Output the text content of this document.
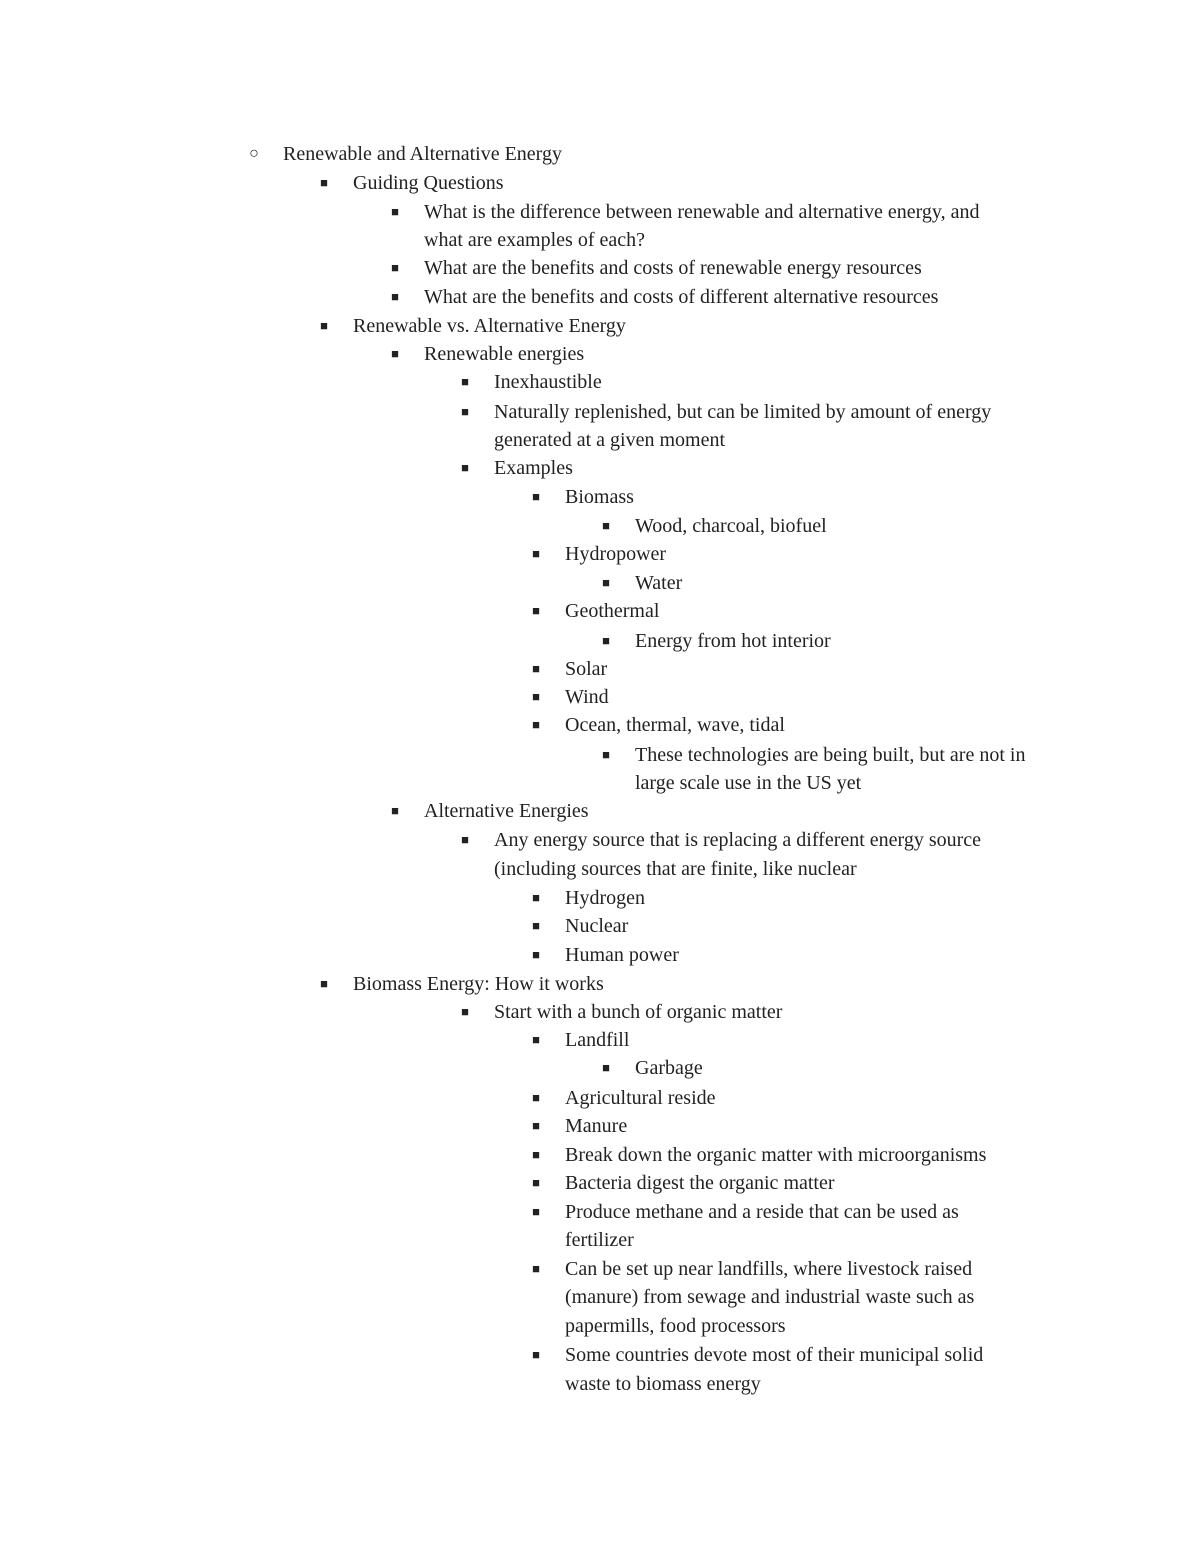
○ Renewable and Alternative Energy
■ Guiding Questions
■ What is the difference between renewable and alternative energy, and
what are examples of each?
■ What are the benefits and costs of renewable energy resources
■ What are the benefits and costs of different alternative resources
■ Renewable vs. Alternative Energy
■ Renewable energies
■ Inexhaustible
■ Naturally replenished, but can be limited by amount of energy
generated at a given moment
■ Examples
■ Biomass
■ Wood, charcoal, biofuel
■ Hydropower
■ Water
■ Geothermal
■ Energy from hot interior
■ Solar
■ Wind
■ Ocean, thermal, wave, tidal
■ These technologies are being built, but are not in
large scale use in the US yet
■ Alternative Energies
■ Any energy source that is replacing a different energy source
(including sources that are finite, like nuclear
■ Hydrogen
■ Nuclear
■ Human power
■ Biomass Energy: How it works
■ Start with a bunch of organic matter
■ Landfill
■ Garbage
■ Agricultural reside
■ Manure
■ Break down the organic matter with microorganisms
■ Bacteria digest the organic matter
■ Produce methane and a reside that can be used as
fertilizer
■ Can be set up near landfills, where livestock raised
(manure) from sewage and industrial waste such as
papermills, food processors
■ Some countries devote most of their municipal solid
waste to biomass energy
